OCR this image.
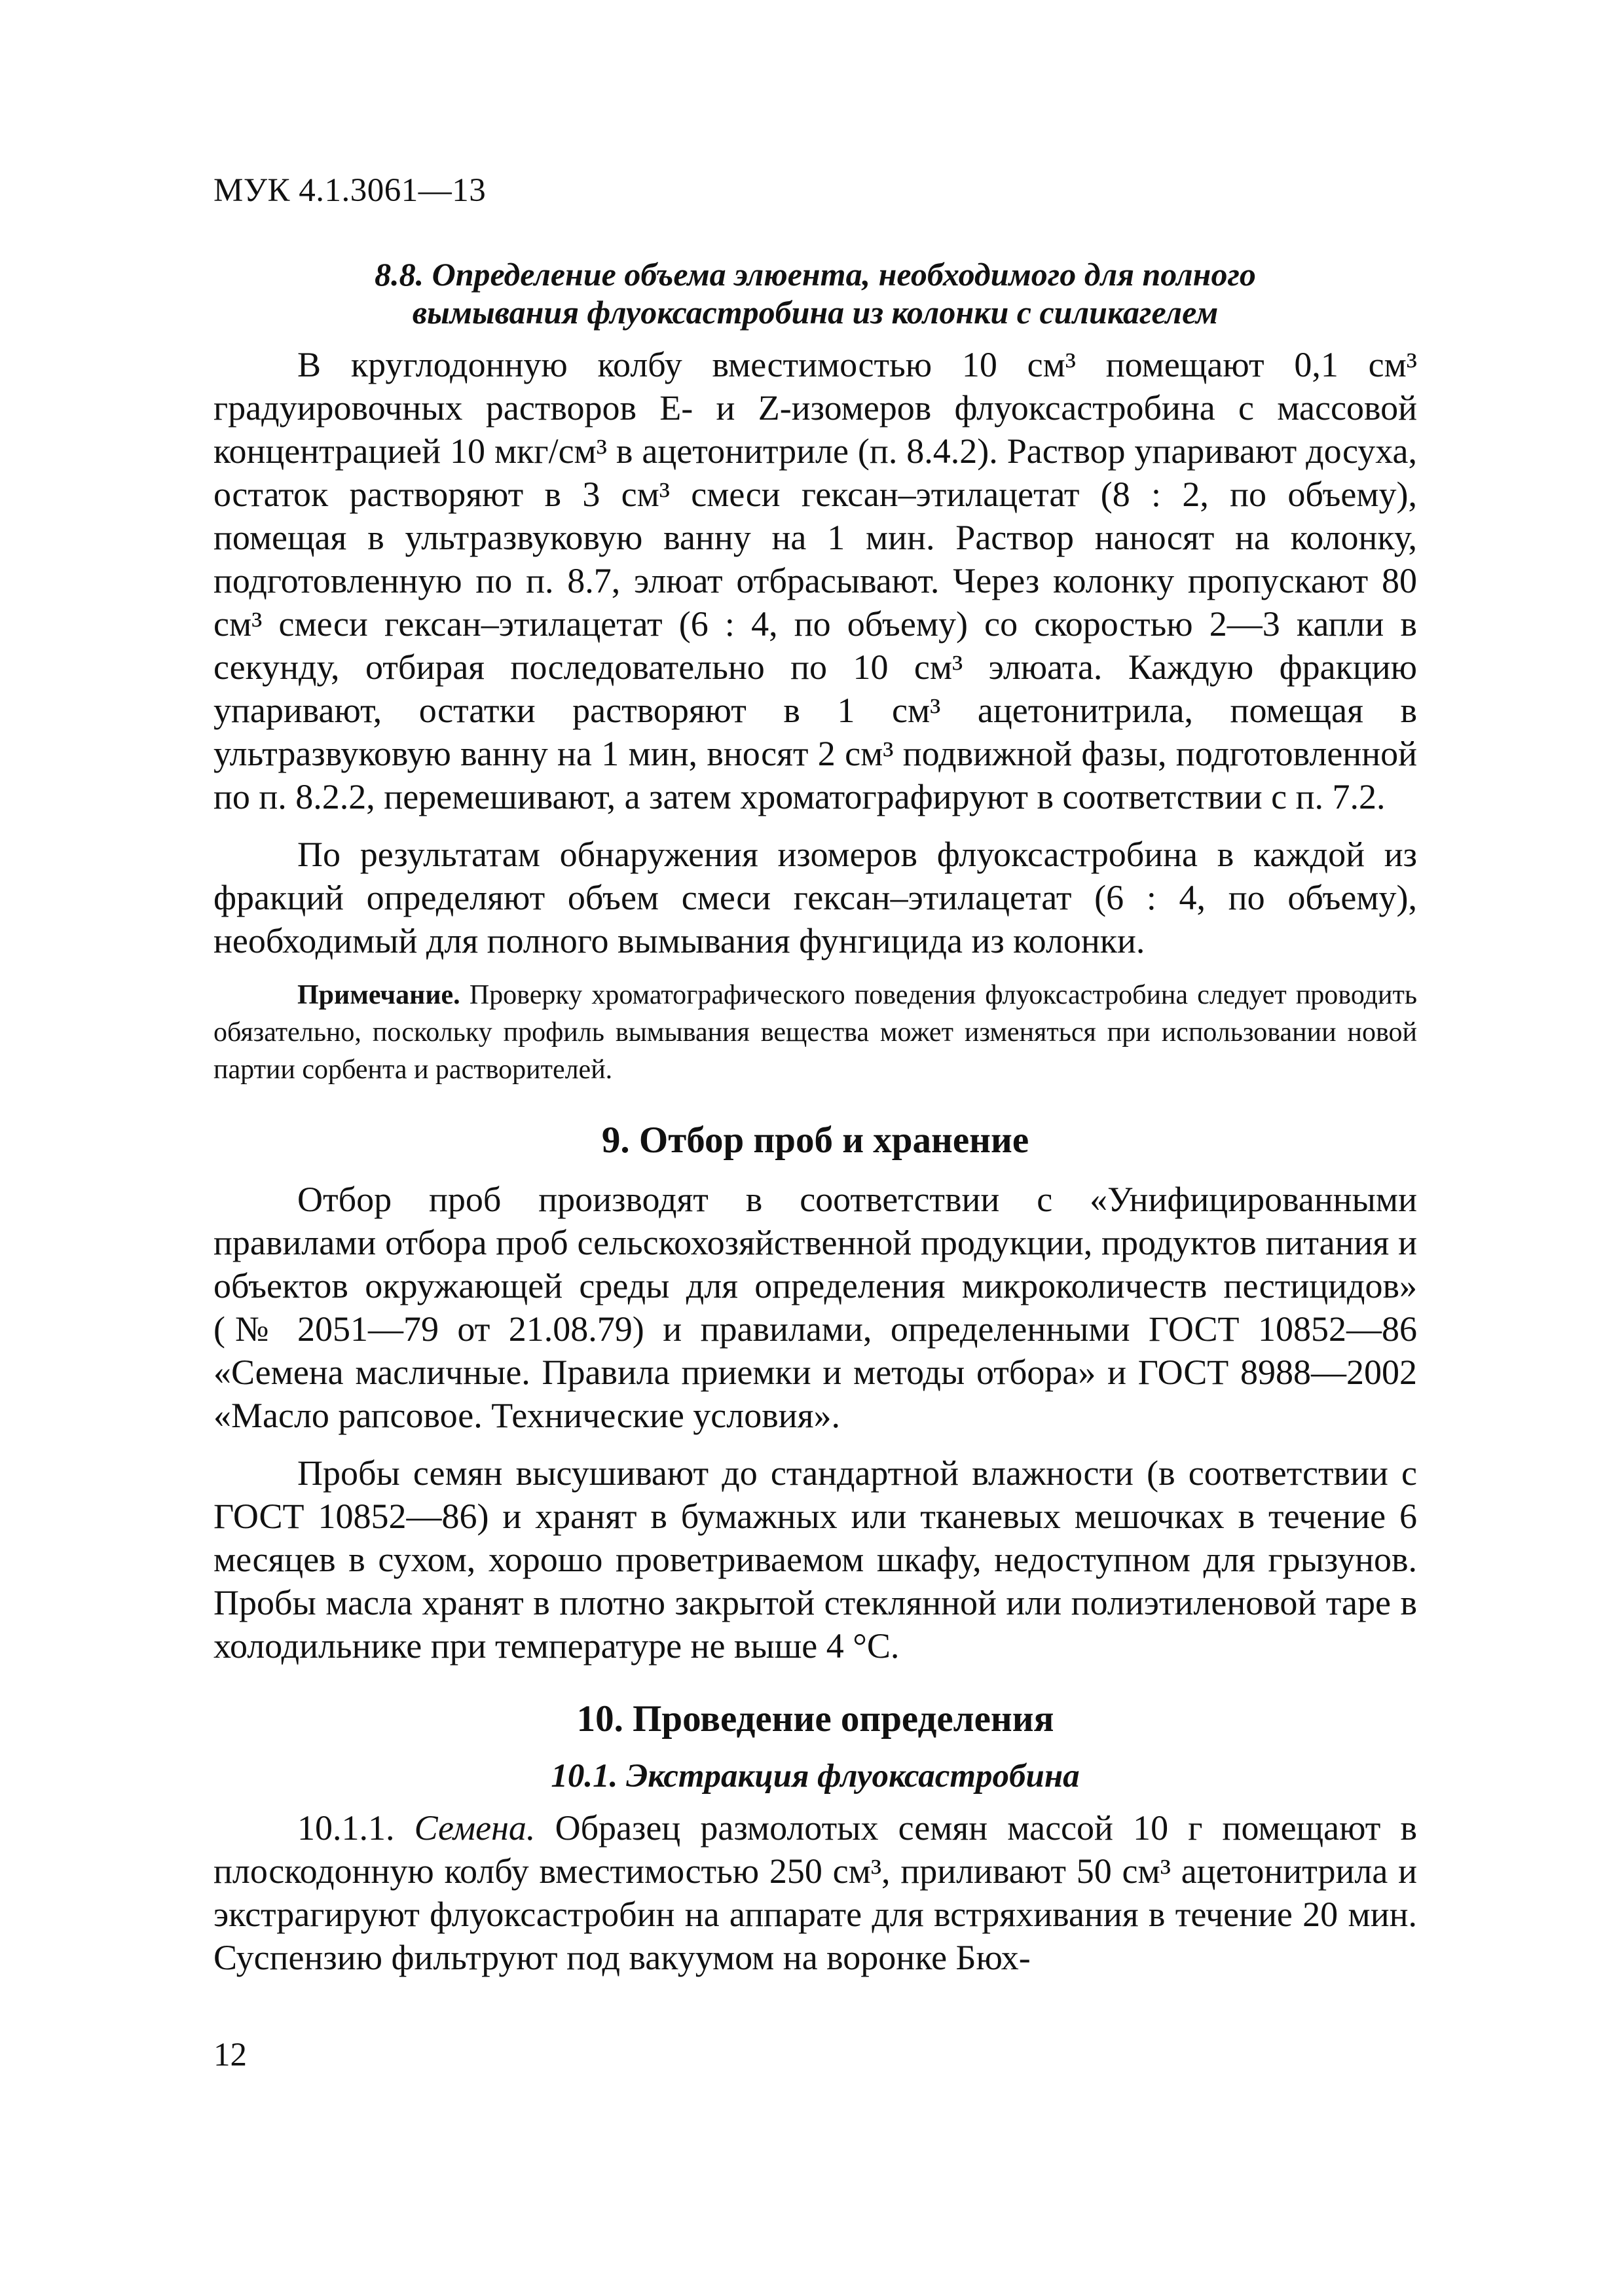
МУК 4.1.3061—13

8.8. Определение объема элюента, необходимого для полного
вымывания флуоксастробина из колонки с силикагелем

В круглодонную колбу вместимостью 10 см³ помещают 0,1 см³ градуировочных растворов E- и Z-изомеров флуоксастробина с массовой концентрацией 10 мкг/см³ в ацетонитриле (п. 8.4.2). Раствор упаривают досуха, остаток растворяют в 3 см³ смеси гексан–этилацетат (8 : 2, по объему), помещая в ультразвуковую ванну на 1 мин. Раствор наносят на колонку, подготовленную по п. 8.7, элюат отбрасывают. Через колонку пропускают 80 см³ смеси гексан–этилацетат (6 : 4, по объему) со скоростью 2—3 капли в секунду, отбирая последовательно по 10 см³ элюата. Каждую фракцию упаривают, остатки растворяют в 1 см³ ацетонитрила, помещая в ультразвуковую ванну на 1 мин, вносят 2 см³ подвижной фазы, подготовленной по п. 8.2.2, перемешивают, а затем хроматографируют в соответствии с п. 7.2.

По результатам обнаружения изомеров флуоксастробина в каждой из фракций определяют объем смеси гексан–этилацетат (6 : 4, по объему), необходимый для полного вымывания фунгицида из колонки.

Примечание. Проверку хроматографического поведения флуоксастробина следует проводить обязательно, поскольку профиль вымывания вещества может изменяться при использовании новой партии сорбента и растворителей.

9. Отбор проб и хранение

Отбор проб производят в соответствии с «Унифицированными правилами отбора проб сельскохозяйственной продукции, продуктов питания и объектов окружающей среды для определения микроколичеств пестицидов» (№ 2051—79 от 21.08.79) и правилами, определенными ГОСТ 10852—86 «Семена масличные. Правила приемки и методы отбора» и ГОСТ 8988—2002 «Масло рапсовое. Технические условия».

Пробы семян высушивают до стандартной влажности (в соответствии с ГОСТ 10852—86) и хранят в бумажных или тканевых мешочках в течение 6 месяцев в сухом, хорошо проветриваемом шкафу, недоступном для грызунов. Пробы масла хранят в плотно закрытой стеклянной или полиэтиленовой таре в холодильнике при температуре не выше 4 °С.

10. Проведение определения
10.1. Экстракция флуоксастробина

10.1.1. Семена. Образец размолотых семян массой 10 г помещают в плоскодонную колбу вместимостью 250 см³, приливают 50 см³ ацетонитрила и экстрагируют флуоксастробин на аппарате для встряхивания в течение 20 мин. Суспензию фильтруют под вакуумом на воронке Бюх-

12
